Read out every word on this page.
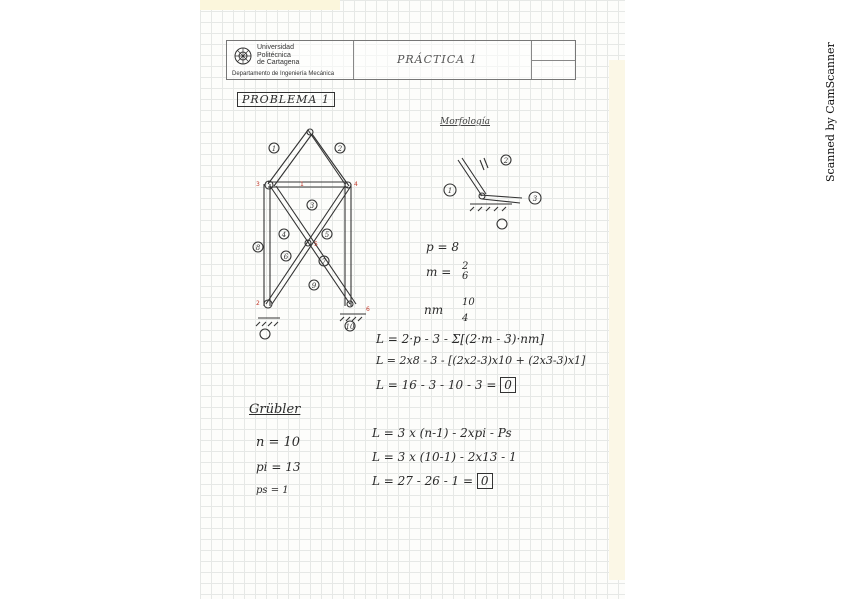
Universidad
Politécnica
de Cartagena
Departamento de Ingeniería Mecánica
PRÁCTICA 1
PROBLEMA 1
Morfología
1	2
3
4	5
6
7
8
9
10
1
2
3
3	4
5
2
6
1
p = 8
m = 2
6
nm
10
4
L = 2·p - 3 - Σ[(2·m - 3)·nm]
L = 2x8 - 3 - [(2x2-3)x10 + (2x3-3)x1]
L = 16 - 3 - 10 - 3 = 0
Grübler
n = 10
pi = 13
ps = 1
L = 3 x (n-1) - 2xpi - Ps
L = 3 x (10-1) - 2x13 - 1
L = 27 - 26 - 1 = 0
Scanned by CamScanner
